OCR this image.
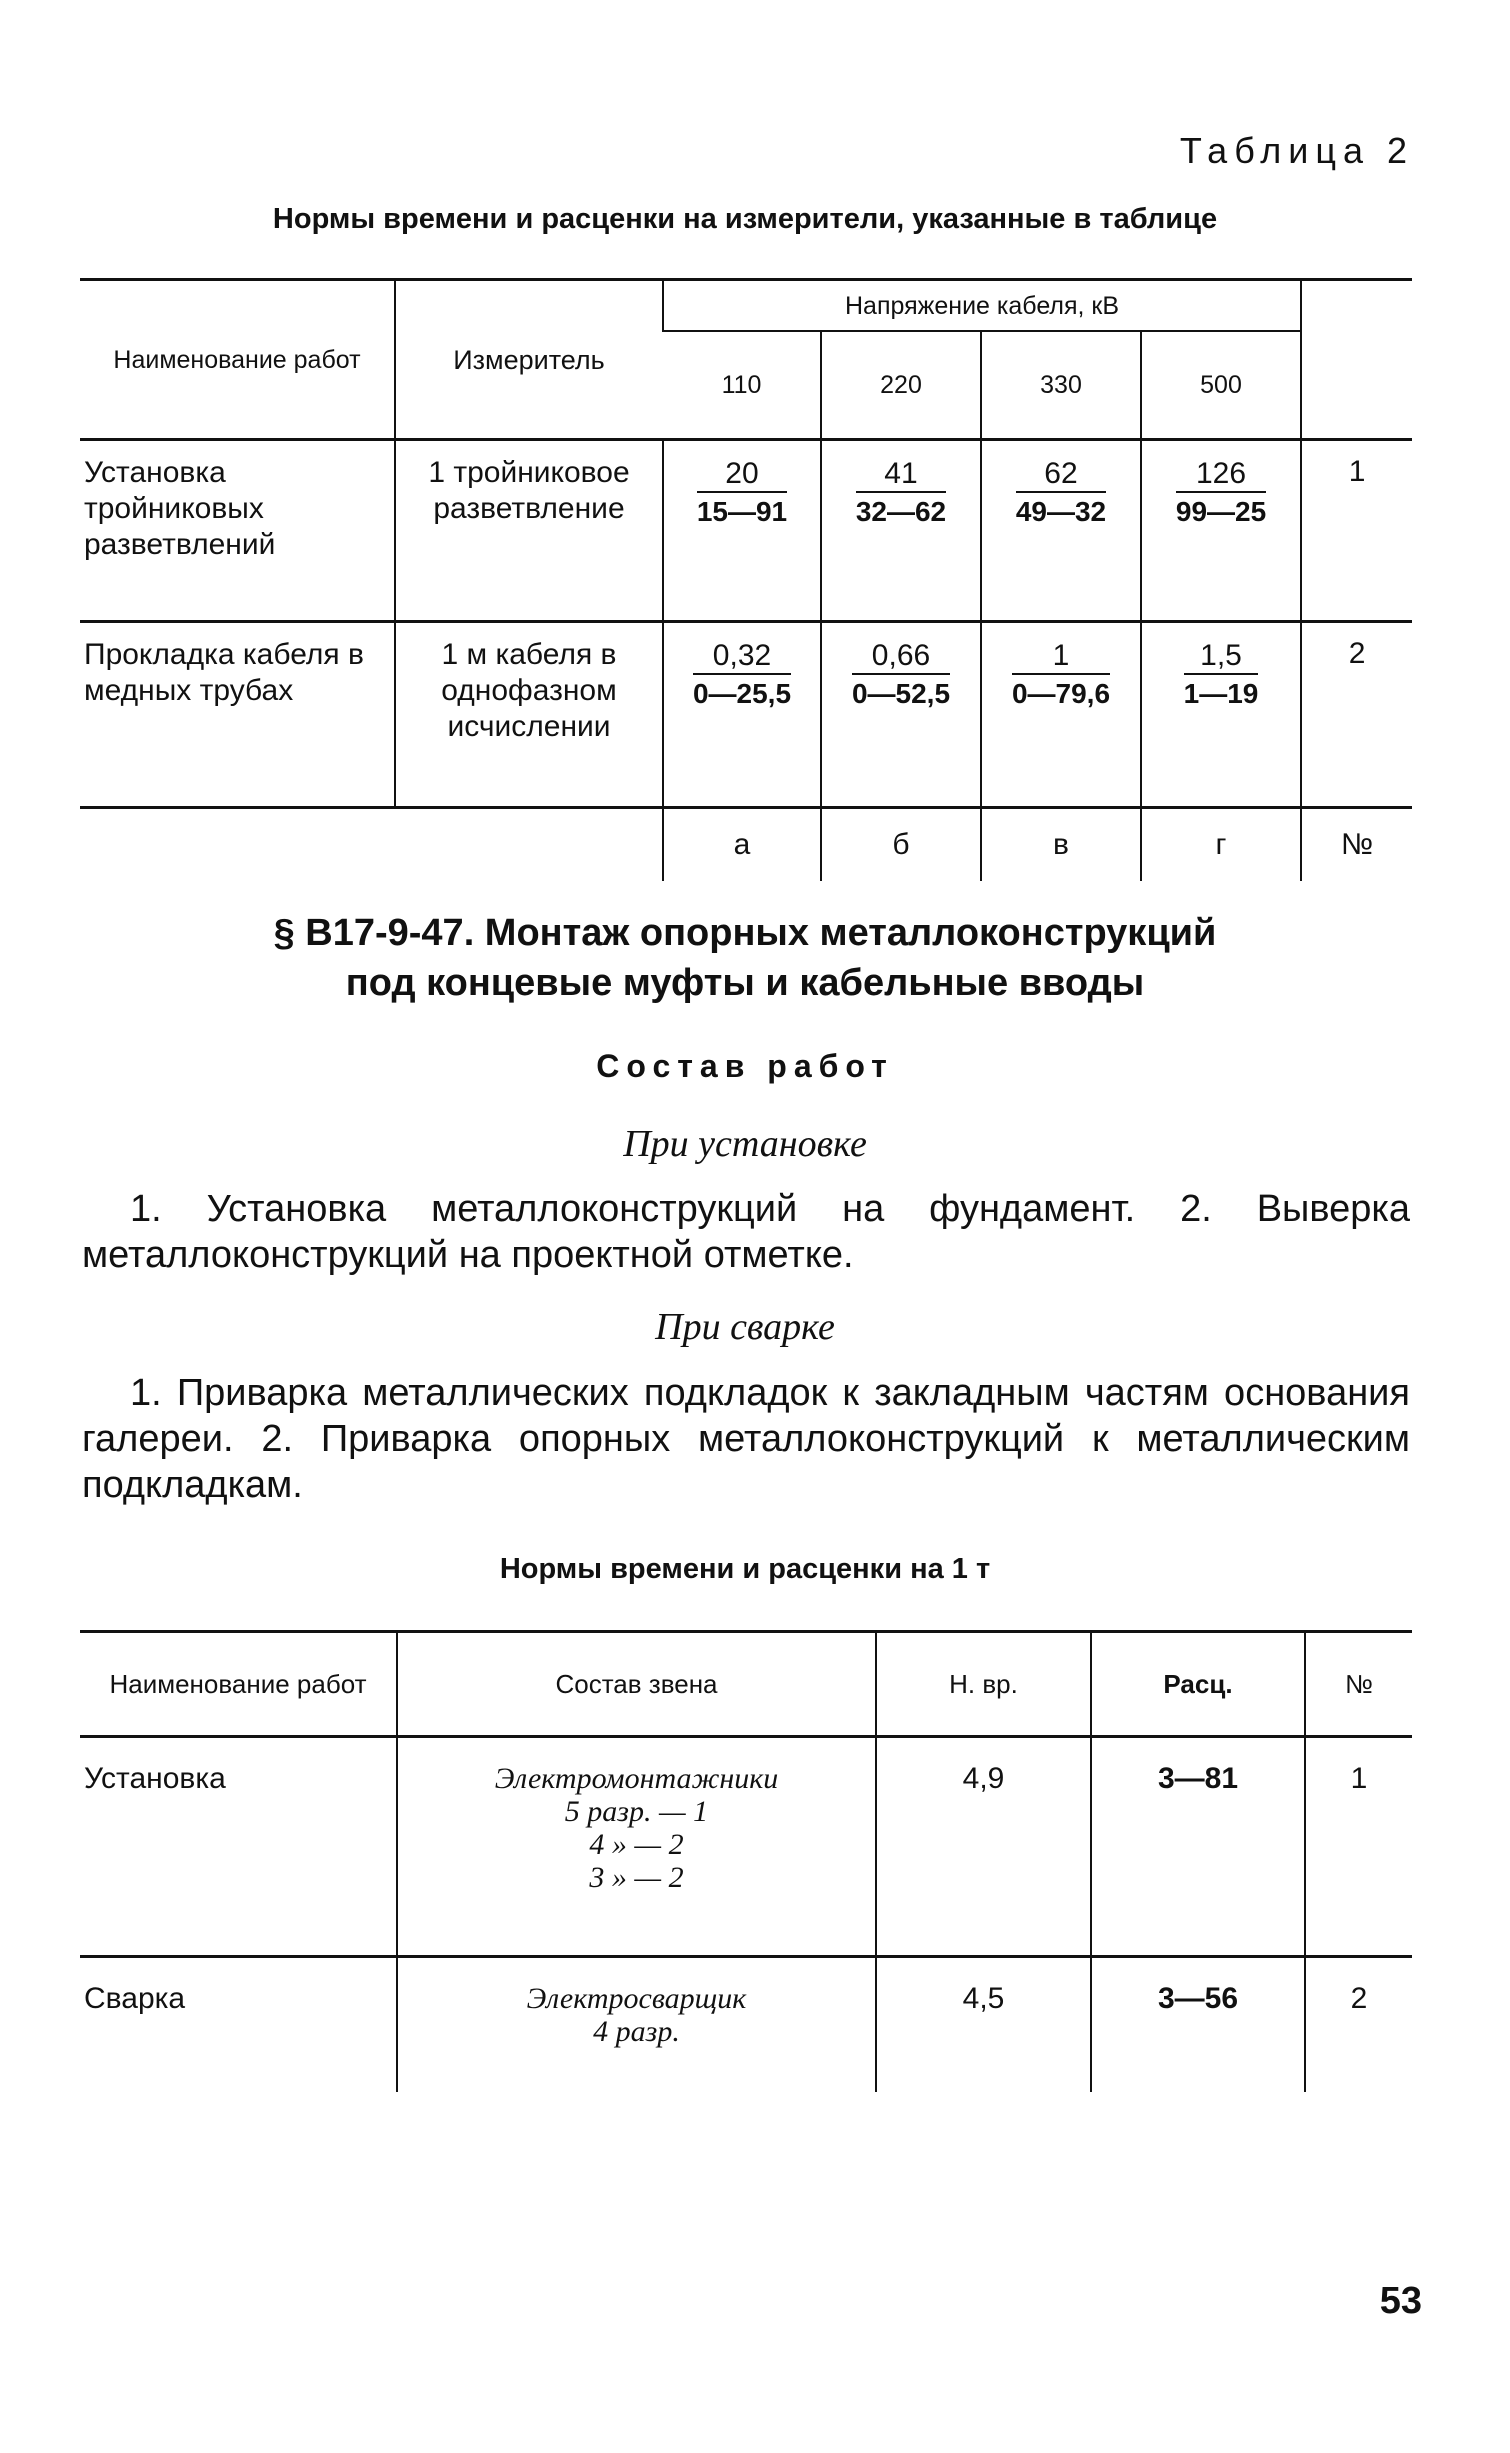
Таблица 2
Нормы времени и расценки на измерители, указанные в таблице
Наименование работ	Измеритель	Напряжение кабеля, кВ				
		110	220	330	500	
Установка тройниковых разветвлений	1 тройниковое разветвление	$\frac{20}{15—91}$	$\frac{41}{32—62}$	$\frac{62}{49—32}$	$\frac{126}{99—25}$	1
Прокладка кабеля в медных трубах	1 м кабеля в однофазном исчислении	$\frac{0,32}{0—25,5}$	$\frac{0,66}{0—52,5}$	$\frac{1}{0—79,6}$	$\frac{1,5}{1—19}$	2
		а	б	в	г	№
§ В17-9-47. Монтаж опорных металлоконструкций
под концевые муфты и кабельные вводы
Состав работ
При установке
1. Установка металлоконструкций на фундамент. 2. Выверка металлоконструкций на проектной отметке.
При сварке
1. Приварка металлических подкладок к закладным частям основания галереи. 2. Приварка опорных металлоконструкций к металлическим подкладкам.
Нормы времени и расценки на 1 т
Наименование работ	Состав звена	Н. вр.	Расц.	№
Установка	Электромонтажники
5 разр. — 1
4 » — 2
3 » — 2	4,9	3—81	1
Сварка	Электросварщик
4 разр.	4,5	3—56	2
53
